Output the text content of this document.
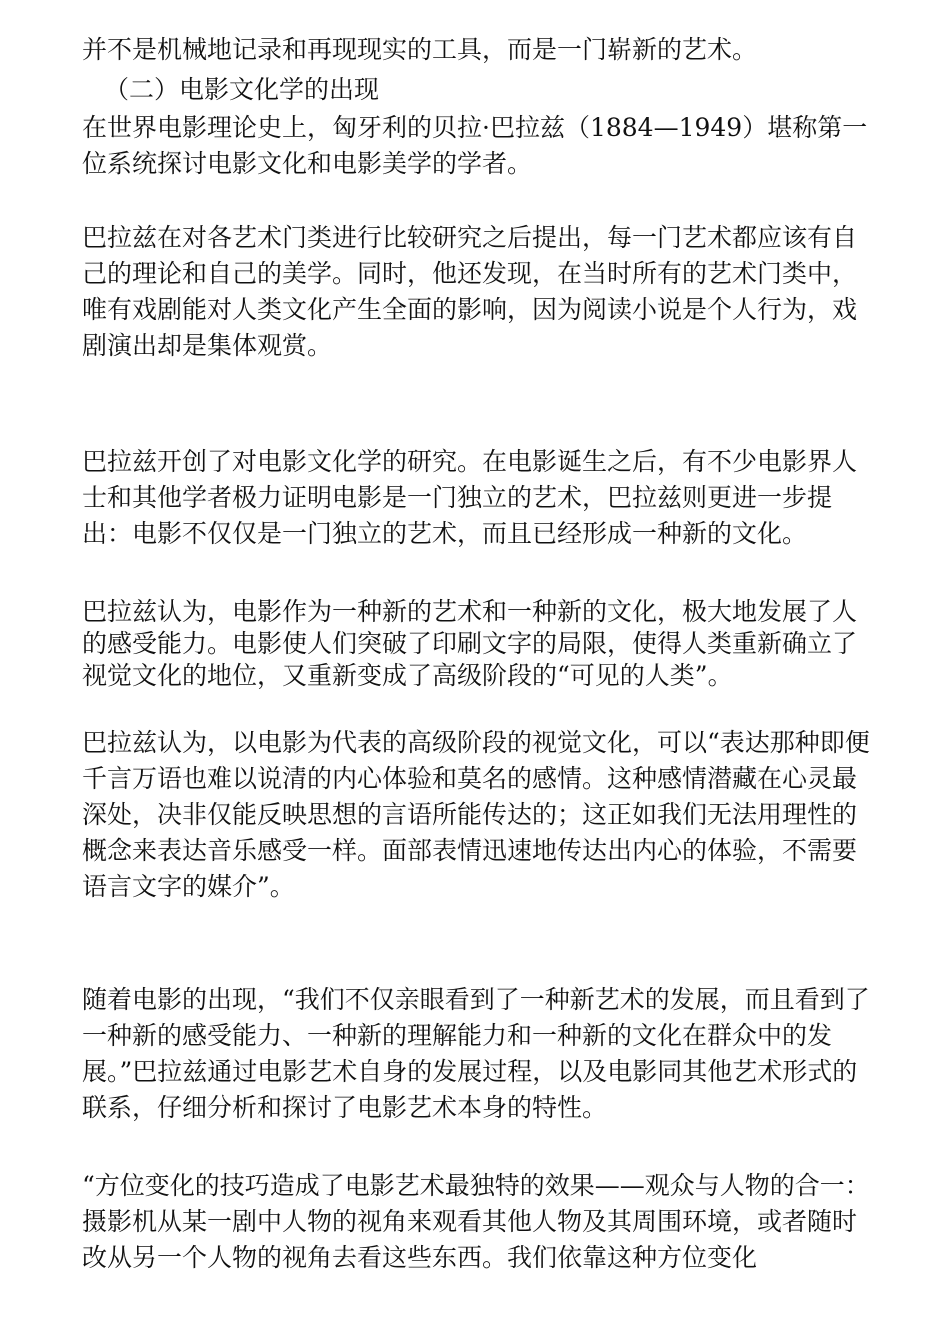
并不是机械地记录和再现现实的工具，而是一门崭新的艺术。

（二）电影文化学的出现

在世界电影理论史上，匈牙利的贝拉·巴拉兹（1884—1949）堪称第一位系统探讨电影文化和电影美学的学者。

巴拉兹在对各艺术门类进行比较研究之后提出，每一门艺术都应该有自己的理论和自己的美学。同时，他还发现，在当时所有的艺术门类中，唯有戏剧能对人类文化产生全面的影响，因为阅读小说是个人行为，戏剧演出却是集体观赏。

巴拉兹开创了对电影文化学的研究。在电影诞生之后，有不少电影界人士和其他学者极力证明电影是一门独立的艺术，巴拉兹则更进一步提出：电影不仅仅是一门独立的艺术，而且已经形成一种新的文化。

巴拉兹认为，电影作为一种新的艺术和一种新的文化，极大地发展了人的感受能力。电影使人们突破了印刷文字的局限，使得人类重新确立了视觉文化的地位，又重新变成了高级阶段的“可见的人类”。

巴拉兹认为，以电影为代表的高级阶段的视觉文化，可以“表达那种即便千言万语也难以说清的内心体验和莫名的感情。这种感情潜藏在心灵最深处，决非仅能反映思想的言语所能传达的；这正如我们无法用理性的概念来表达音乐感受一样。面部表情迅速地传达出内心的体验，不需要语言文字的媒介”。

随着电影的出现，“我们不仅亲眼看到了一种新艺术的发展，而且看到了一种新的感受能力、一种新的理解能力和一种新的文化在群众中的发展。”巴拉兹通过电影艺术自身的发展过程，以及电影同其他艺术形式的联系，仔细分析和探讨了电影艺术本身的特性。

“方位变化的技巧造成了电影艺术最独特的效果——观众与人物的合一：摄影机从某一剧中人物的视角来观看其他人物及其周围环境，或者随时改从另一个人物的视角去看这些东西。我们依靠这种方位变化
